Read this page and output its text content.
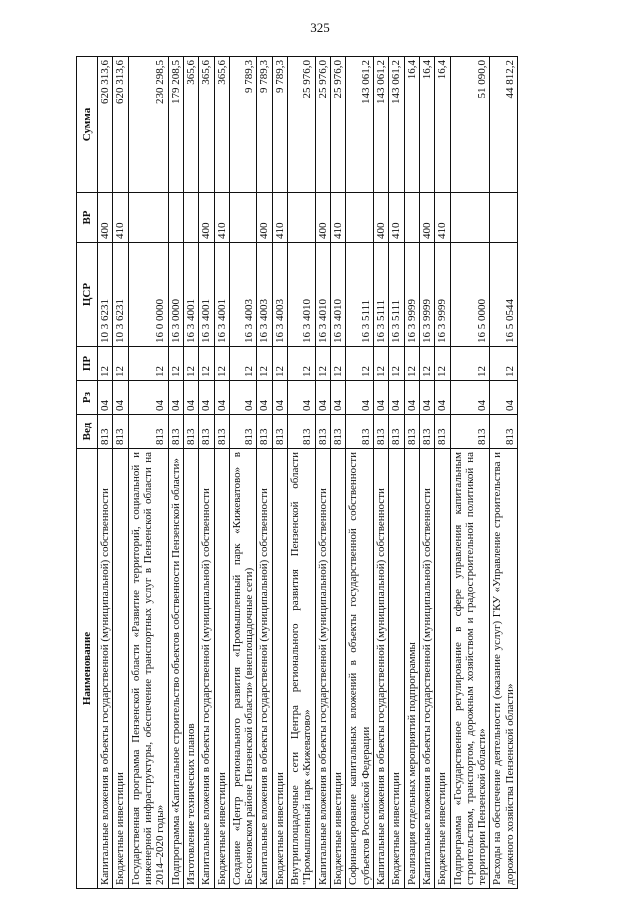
325
Наименование	Вед	Рз	ПР	ЦСР	ВР	Сумма
Капитальные вложения в объекты государственной (муниципальной) собственности	813	04	12	10 3 6231	400	620 313,6
Бюджетные инвестиции	813	04	12	10 3 6231	410	620 313,6
Государственная программа Пензенской области «Развитие территорий, социальной и инженерной инфраструктуры, обеспечение транспортных услуг в Пензенской области на 2014–2020 годы»	813	04	12	16 0 0000		230 298,5
Подпрограмма «Капитальное строительство объектов собственности Пензенской области»	813	04	12	16 3 0000		179 208,5
Изготовление технических планов	813	04	12	16 3 4001		365,6
Капитальные вложения в объекты государственной (муниципальной) собственности	813	04	12	16 3 4001	400	365,6
Бюджетные инвестиции	813	04	12	16 3 4001	410	365,6
Создание «Центр регионального развития «Промышленный парк «Кижеватово» в Бессоновском районе Пензенской области» (внеплощадочные сети)	813	04	12	16 3 4003		9 789,3
Капитальные вложения в объекты государственной (муниципальной) собственности	813	04	12	16 3 4003	400	9 789,3
Бюджетные инвестиции	813	04	12	16 3 4003	410	9 789,3
Внутриплощадочные сети Центра регионального развития Пензенской области "Промышленный парк «Кижеватово»	813	04	12	16 3 4010		25 976,0
Капитальные вложения в объекты государственной (муниципальной) собственности	813	04	12	16 3 4010	400	25 976,0
Бюджетные инвестиции	813	04	12	16 3 4010	410	25 976,0
Софинансирование капитальных вложений в объекты государственной собственности субъектов Российской Федерации	813	04	12	16 3 5111		143 061,2
Капитальные вложения в объекты государственной (муниципальной) собственности	813	04	12	16 3 5111	400	143 061,2
Бюджетные инвестиции	813	04	12	16 3 5111	410	143 061,2
Реализация отдельных мероприятий подпрограммы	813	04	12	16 3 9999		16,4
Капитальные вложения в объекты государственной (муниципальной) собственности	813	04	12	16 3 9999	400	16,4
Бюджетные инвестиции	813	04	12	16 3 9999	410	16,4
Подпрограмма «Государственное регулирование в сфере управления капитальным строительством, транспортом, дорожным хозяйством и градостроительной политикой на территории Пензенской области»	813	04	12	16 5 0000		51 090,0
Расходы на обеспечение деятельности (оказание услуг) ГКУ «Управление строительства и дорожного хозяйства Пензенской области»	813	04	12	16 5 0544		44 812,2
